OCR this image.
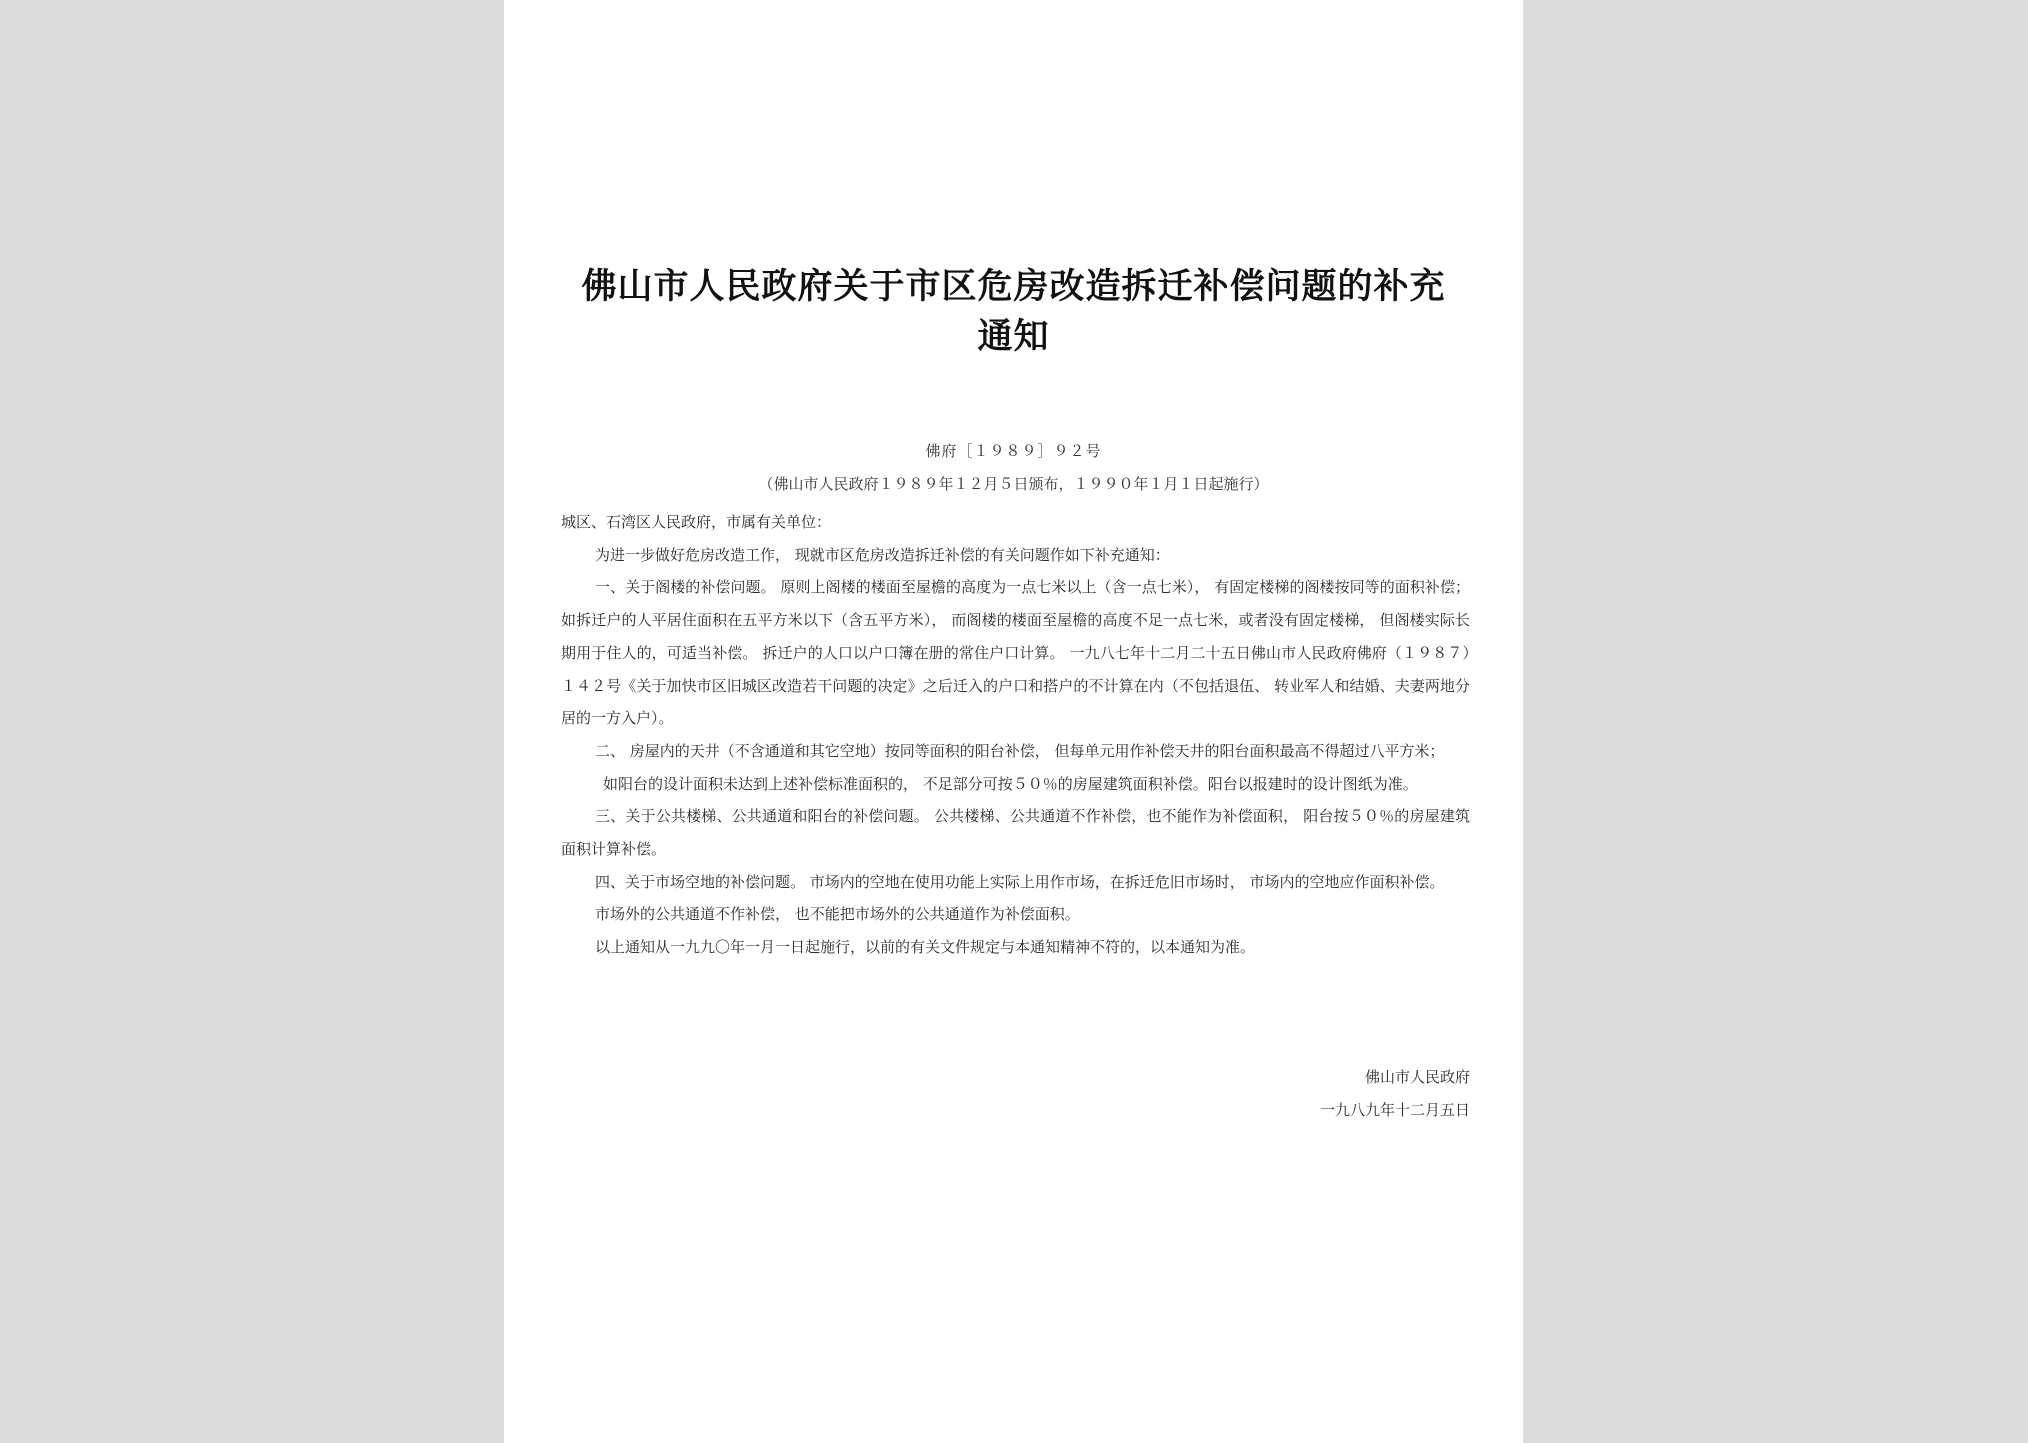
佛山市人民政府关于市区危房改造拆迁补偿问题的补充
通知
佛府［１９８９］９２号
（佛山市人民政府１９８９年１２月５日颁布，１９９０年１月１日起施行）

城区、石湾区人民政府，市属有关单位：

为进一步做好危房改造工作， 现就市区危房改造拆迁补偿的有关问题作如下补充通知：

一、关于阁楼的补偿问题。 原则上阁楼的楼面至屋檐的高度为一点七米以上（含一点七米）， 有固定楼梯的阁楼按同等的面积补偿；如拆迁户的人平居住面积在五平方米以下（含五平方米）， 而阁楼的楼面至屋檐的高度不足一点七米，或者没有固定楼梯， 但阁楼实际长期用于住人的，可适当补偿。 拆迁户的人口以户口簿在册的常住户口计算。 一九八七年十二月二十五日佛山市人民政府佛府（１９８７）１４２号《关于加快市区旧城区改造若干问题的决定》之后迁入的户口和搭户的不计算在内（不包括退伍、 转业军人和结婚、夫妻两地分居的一方入户）。

二、 房屋内的天井（不含通道和其它空地）按同等面积的阳台补偿， 但每单元用作补偿天井的阳台面积最高不得超过八平方米；

如阳台的设计面积未达到上述补偿标准面积的， 不足部分可按５０％的房屋建筑面积补偿。阳台以报建时的设计图纸为准。

三、关于公共楼梯、公共通道和阳台的补偿问题。 公共楼梯、公共通道不作补偿，也不能作为补偿面积， 阳台按５０％的房屋建筑面积计算补偿。

四、关于市场空地的补偿问题。 市场内的空地在使用功能上实际上用作市场，在拆迁危旧市场时， 市场内的空地应作面积补偿。

市场外的公共通道不作补偿， 也不能把市场外的公共通道作为补偿面积。

以上通知从一九九〇年一月一日起施行，以前的有关文件规定与本通知精神不符的，以本通知为准。

佛山市人民政府
一九八九年十二月五日
